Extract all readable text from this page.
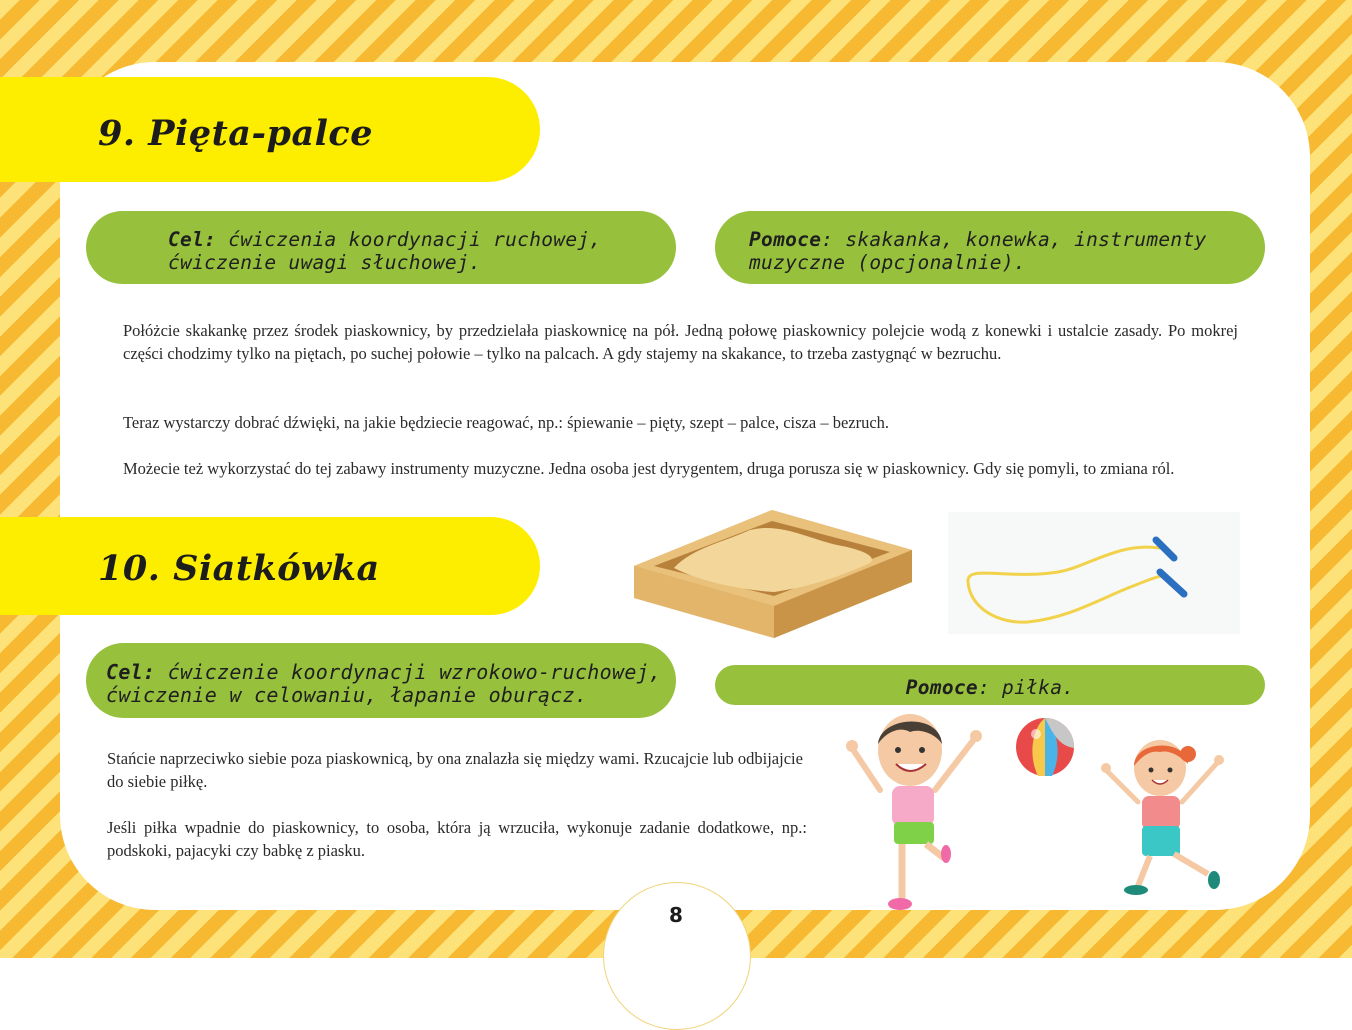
9. Pięta-palce
Cel: ćwiczenia koordynacji ruchowej,
ćwiczenie uwagi słuchowej.
Pomoce: skakanka, konewka, instrumenty
muzyczne (opcjonalnie).

Połóżcie skakankę przez środek piaskownicy, by przedzielała piaskownicę na pół. Jedną połowę piaskownicy polejcie wodą z konewki i ustalcie zasady. Po mokrej części chodzimy tylko na piętach, po suchej połowie – tylko na palcach. A gdy stajemy na skakance, to trzeba zastygnąć w bezruchu.

Teraz wystarczy dobrać dźwięki, na jakie będziecie reagować, np.: śpiewanie – pięty, szept – palce, cisza – bezruch.

Możecie też wykorzystać do tej zabawy instrumenty muzyczne. Jedna osoba jest dyrygentem, druga porusza się w piaskownicy. Gdy się pomyli, to zmiana ról.

10. Siatkówka
Cel: ćwiczenie koordynacji wzrokowo-ruchowej,
ćwiczenie w celowaniu, łapanie oburącz.	Pomoce: piłka.

Stańcie naprzeciwko siebie poza piaskownicą, by ona znalazła się między wami. Rzucajcie lub odbijajcie do siebie piłkę.

Jeśli piłka wpadnie do piaskownicy, to osoba, która ją wrzuciła, wykonuje zadanie dodatkowe, np.: podskoki, pajacyki czy babkę z piasku.

8
